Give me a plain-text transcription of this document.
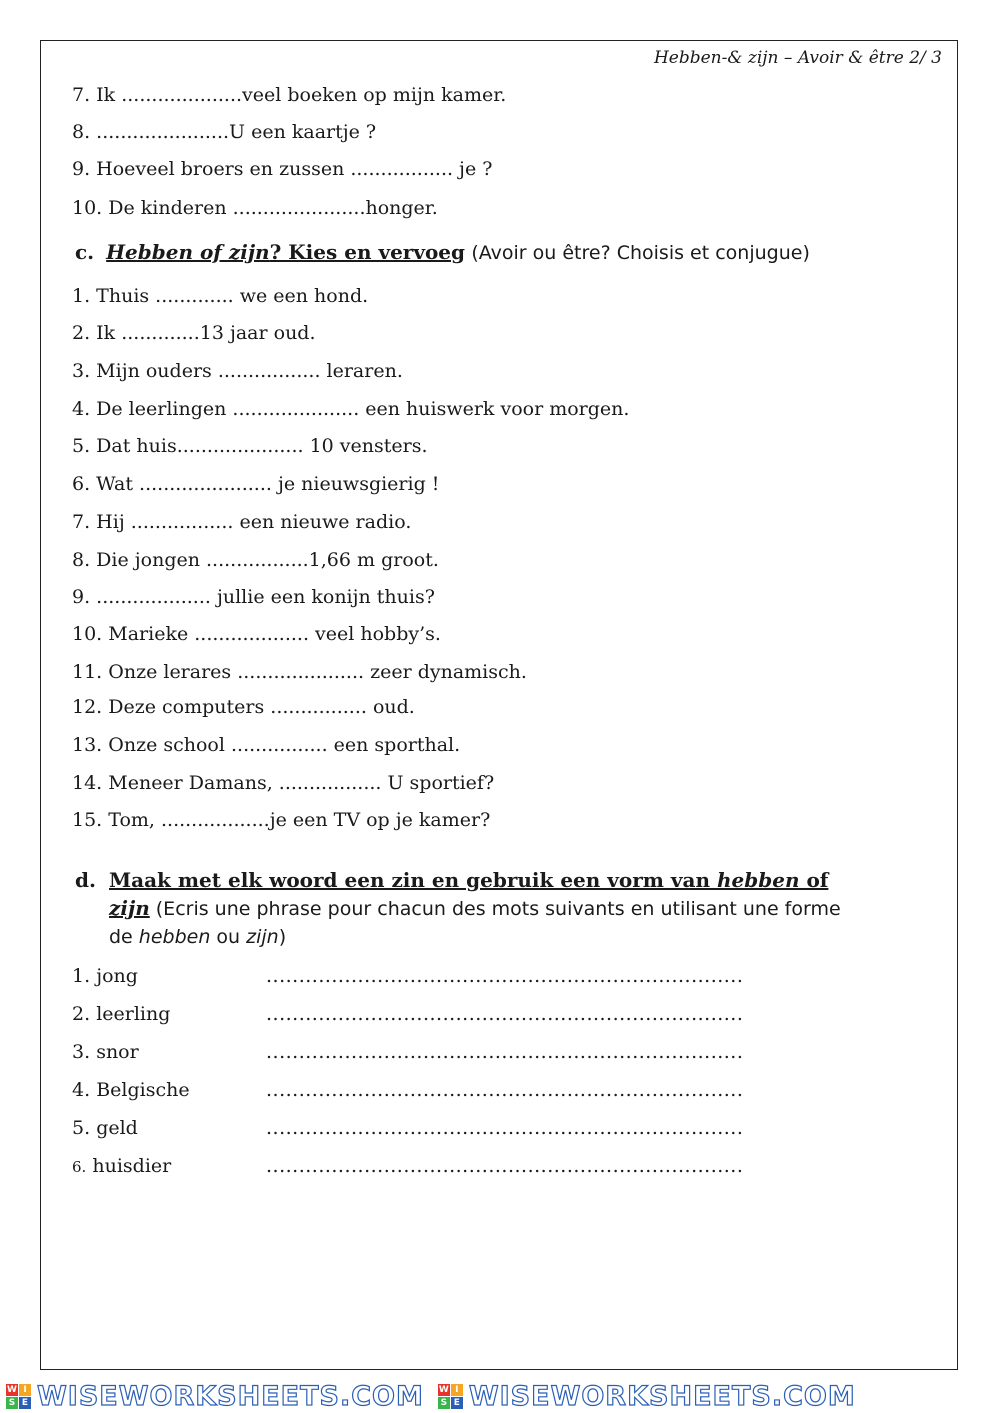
Hebben-& zijn – Avoir & être 2/ 3
7. Ik ....................veel boeken op mijn kamer.
8. ......................U een kaartje ?
9. Hoeveel broers en zussen ................. je ?
10. De kinderen ......................honger.
c. Hebben of zijn? Kies en vervoeg (Avoir ou être? Choisis et conjugue)
1. Thuis ............. we een hond.
2. Ik .............13 jaar oud.
3. Mijn ouders ................. leraren.
4. De leerlingen ..................... een huiswerk voor morgen.
5. Dat huis..................... 10 vensters.
6. Wat ...................... je nieuwsgierig !
7. Hij ................. een nieuwe radio.
8. Die jongen .................1,66 m groot.
9. ................... jullie een konijn thuis?
10. Marieke ................... veel hobby’s.
11. Onze lerares ..................... zeer dynamisch.
12. Deze computers ................ oud.
13. Onze school ................ een sporthal.
14. Meneer Damans, ................. U sportief?
15. Tom, ..................je een TV op je kamer?
d. Maak met elk woord een zin en gebruik een vorm van hebben of
zijn (Ecris une phrase pour chacun des mots suivants en utilisant une forme
de hebben ou zijn)
1. jong	.........................................................................
2. leerling	.........................................................................
3. snor	.........................................................................
4. Belgische	.........................................................................
5. geld	.........................................................................
6. huisdier	.........................................................................
W I
S E WISEWORKSHEETS.COM W I
S E WISEWORKSHEETS.COM
